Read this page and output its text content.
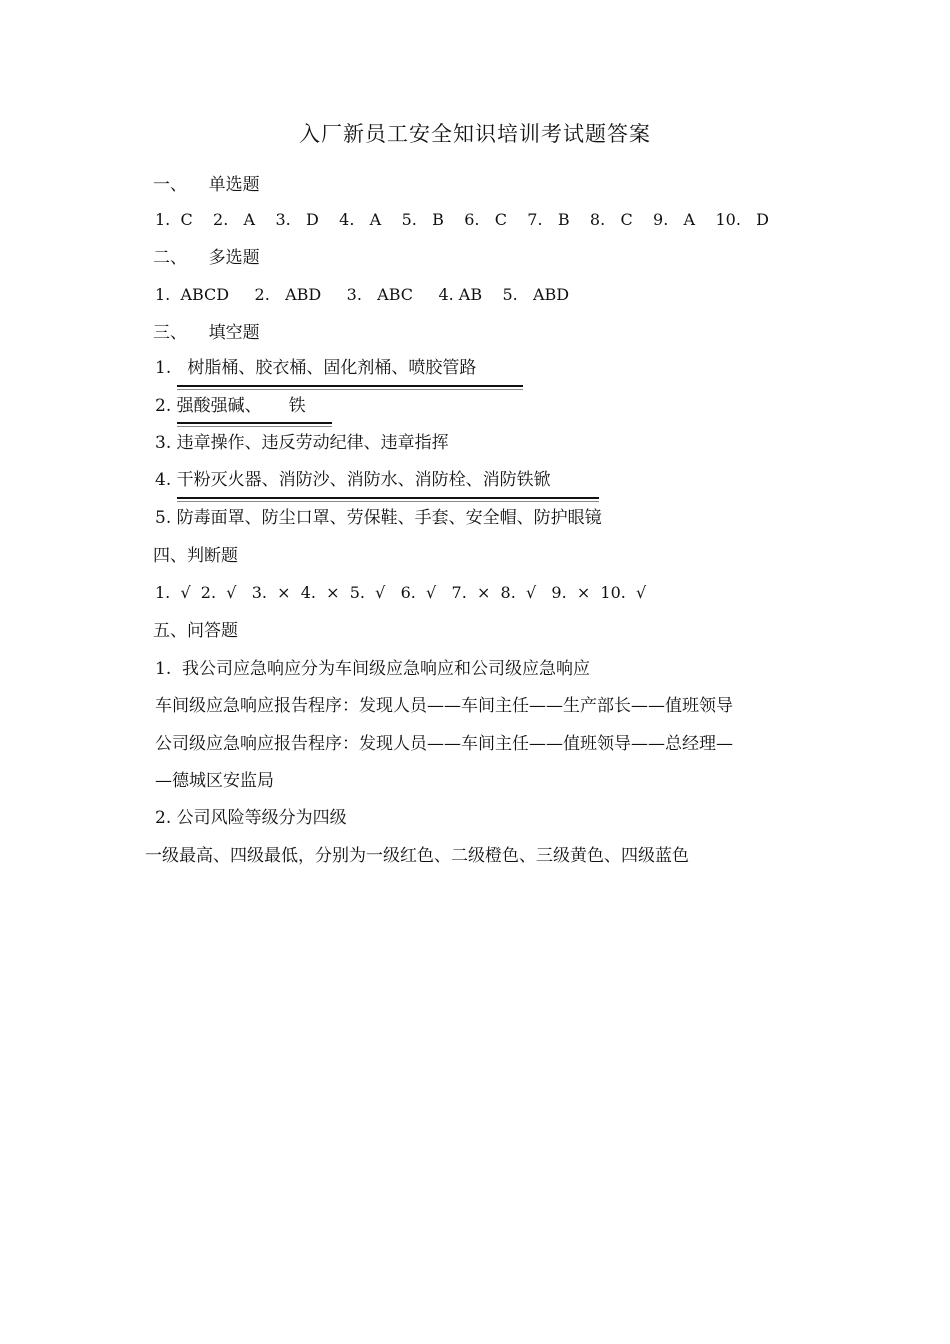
入厂新员工安全知识培训考试题答案
一、    单选题
1.  C    2.   A    3.   D    4.   A    5.   B    6.   C    7.   B    8.   C    9.   A    10.   D
二、    多选题
1.  ABCD     2.   ABD     3.   ABC     4. AB    5.   ABD
三、    填空题
1.   树脂桶、胶衣桶、固化剂桶、喷胶管路
2. 强酸强碱、     铁
3. 违章操作、违反劳动纪律、违章指挥
4. 干粉灭火器、消防沙、消防水、消防栓、消防铁锨
5. 防毒面罩、防尘口罩、劳保鞋、手套、安全帽、防护眼镜
四、判断题
1.  √  2.  √   3.  ×  4.  ×  5.  √   6.  √   7.  ×  8.  √   9.  ×  10.  √
五、问答题
1.  我公司应急响应分为车间级应急响应和公司级应急响应
车间级应急响应报告程序：发现人员——车间主任——生产部长——值班领导
公司级应急响应报告程序：发现人员——车间主任——值班领导——总经理—
—德城区安监局
2. 公司风险等级分为四级
一级最高、四级最低，分别为一级红色、二级橙色、三级黄色、四级蓝色
